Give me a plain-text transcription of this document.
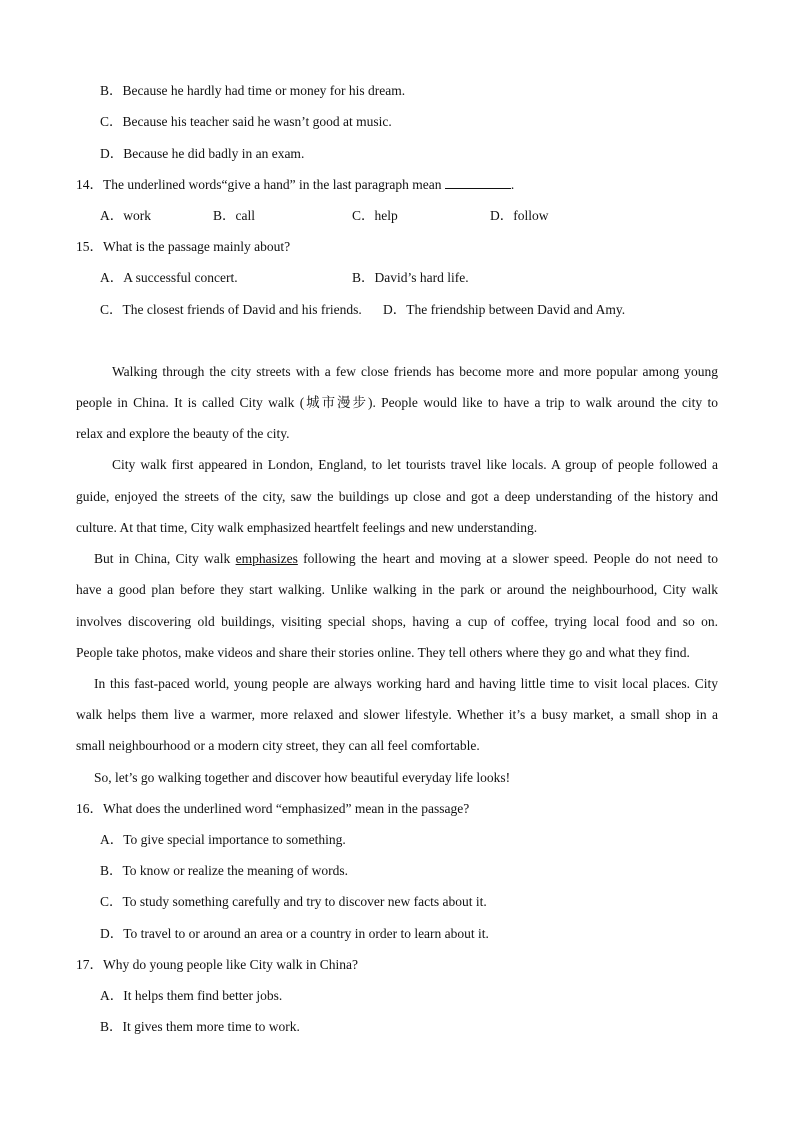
B．Because he hardly had time or money for his dream.
C．Because his teacher said he wasn’t good at music.
D．Because he did badly in an exam.
14．The underlined words“give a hand” in the last paragraph mean	.
A．work	B．call	C．help	D．follow
15．What is the passage mainly about?
A．A successful concert.	B．David’s hard life.
C．The closest friends of David and his friends. D．The friendship between David and Amy.
Walking through the city streets with a few close friends has become more and more popular among young
people in China. It is called City walk (城市漫步). People would like to have a trip to walk around the city to
relax and explore the beauty of the city.
City walk first appeared in London, England, to let tourists travel like locals. A group of people followed a
guide, enjoyed the streets of the city, saw the buildings up close and got a deep understanding of the history and
culture. At that time, City walk emphasized heartfelt feelings and new understanding.
But in China, City walk emphasizes following the heart and moving at a slower speed. People do not need to
have a good plan before they start walking. Unlike walking in the park or around the neighbourhood, City walk
involves discovering old buildings, visiting special shops, having a cup of coffee, trying local food and so on.
People take photos, make videos and share their stories online. They tell others where they go and what they find.
In this fast-paced world, young people are always working hard and having little time to visit local places. City
walk helps them live a warmer, more relaxed and slower lifestyle. Whether it’s a busy market, a small shop in a
small neighbourhood or a modern city street, they can all feel comfortable.
So, let’s go walking together and discover how beautiful everyday life looks!
16．What does the underlined word “emphasized” mean in the passage?
A．To give special importance to something.
B．To know or realize the meaning of words.
C．To study something carefully and try to discover new facts about it.
D．To travel to or around an area or a country in order to learn about it.
17．Why do young people like City walk in China?
A．It helps them find better jobs.
B．It gives them more time to work.
